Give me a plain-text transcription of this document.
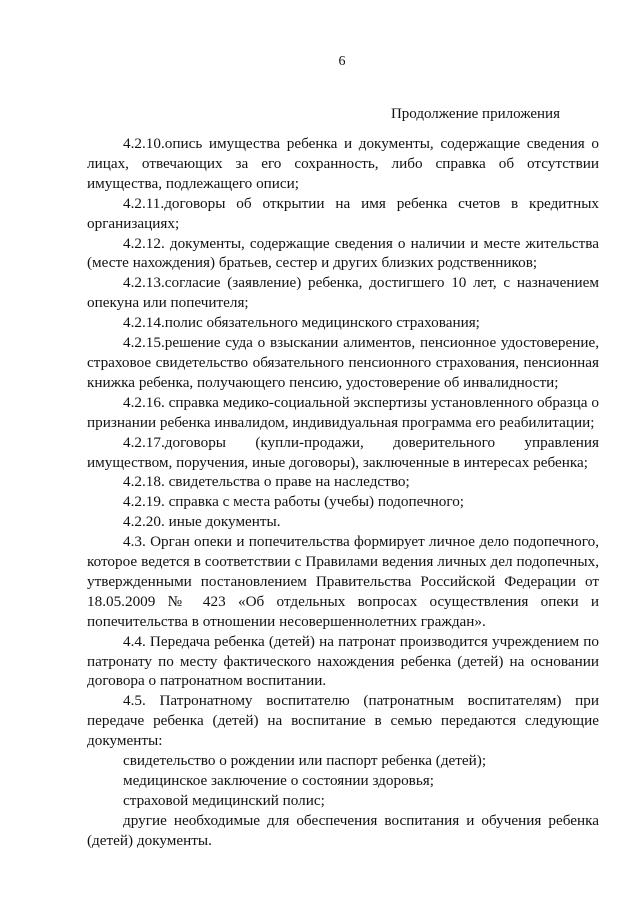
6
Продолжение приложения

4.2.10.опись имущества ребенка и документы, содержащие сведения о лицах, отвечающих за его сохранность, либо справка об отсутствии имущества, подлежащего описи;

4.2.11.договоры об открытии на имя ребенка счетов в кредитных организациях;

4.2.12. документы, содержащие сведения о наличии и месте жительства (месте нахождения) братьев, сестер и других близких родственников;

4.2.13.согласие (заявление) ребенка, достигшего 10 лет, с назначением опекуна или попечителя;

4.2.14.полис обязательного медицинского страхования;

4.2.15.решение суда о взыскании алиментов, пенсионное удостоверение, страховое свидетельство обязательного пенсионного страхования, пенсионная книжка ребенка, получающего пенсию, удостоверение об инвалидности;

4.2.16. справка медико-социальной экспертизы установленного образца о признании ребенка инвалидом, индивидуальная программа его реабилитации;

4.2.17.договоры (купли-продажи, доверительного управления имуществом, поручения, иные договоры), заключенные в интересах ребенка;

4.2.18. свидетельства о праве на наследство;

4.2.19. справка с места работы (учебы) подопечного;

4.2.20. иные документы.

4.3. Орган опеки и попечительства формирует личное дело подопечного, которое ведется в соответствии с Правилами ведения личных дел подопечных, утвержденными постановлением Правительства Российской Федерации от 18.05.2009 № 423 «Об отдельных вопросах осуществления опеки и попечительства в отношении несовершеннолетних граждан».

4.4. Передача ребенка (детей) на патронат производится учреждением по патронату по месту фактического нахождения ребенка (детей) на основании договора о патронатном воспитании.

4.5. Патронатному воспитателю (патронатным воспитателям) при передаче ребенка (детей) на воспитание в семью передаются следующие документы:

свидетельство о рождении или паспорт ребенка (детей);

медицинское заключение о состоянии здоровья;

страховой медицинский полис;

другие необходимые для обеспечения воспитания и обучения ребенка (детей) документы.
